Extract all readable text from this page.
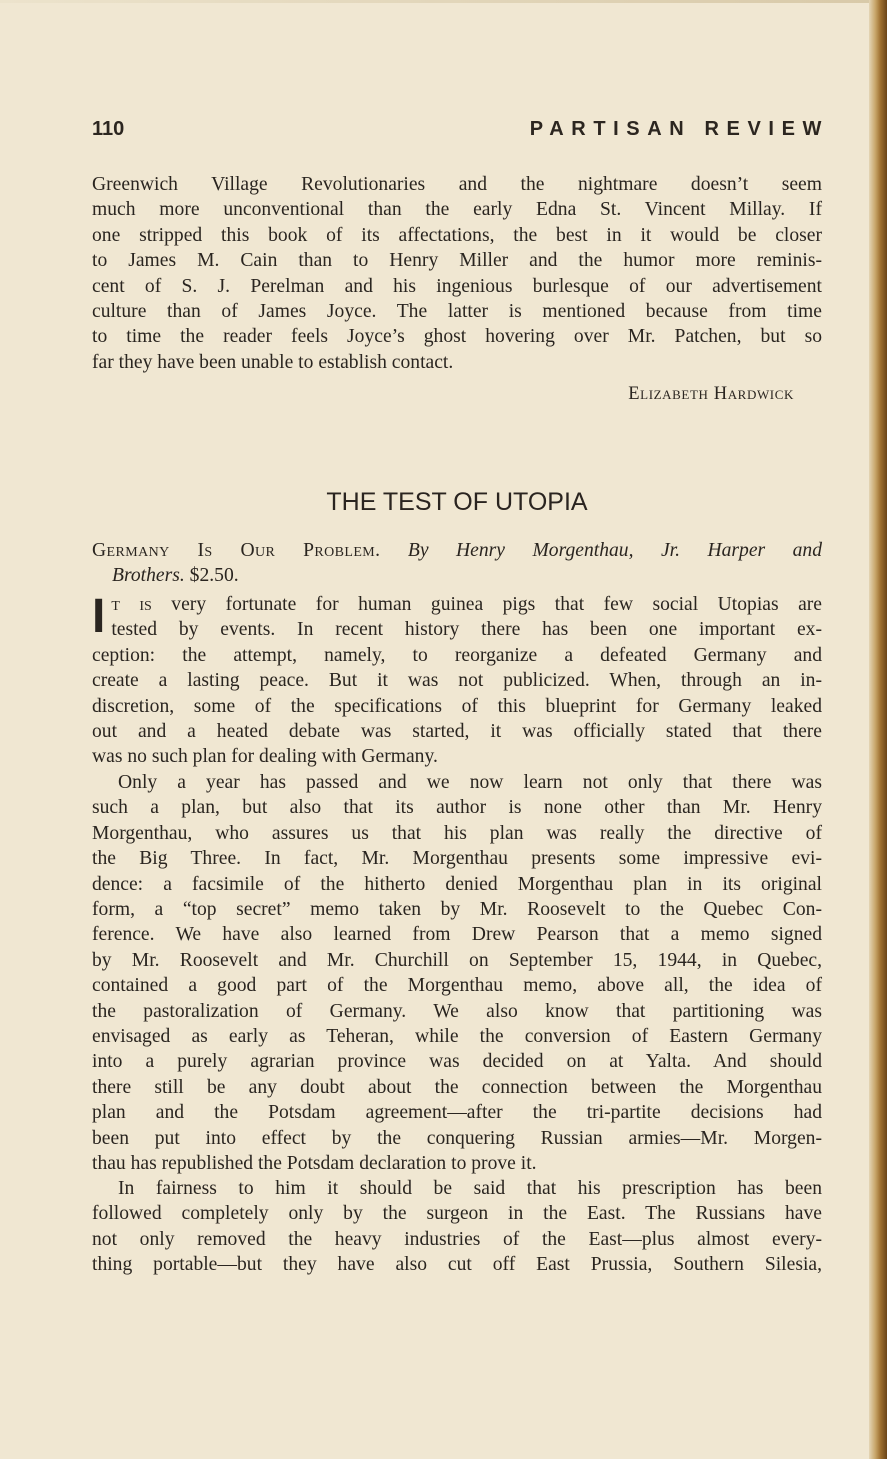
110	PARTISAN REVIEW

Greenwich Village Revolutionaries and the nightmare doesn’t seem

much more unconventional than the early Edna St. Vincent Millay. If

one stripped this book of its affectations, the best in it would be closer

to James M. Cain than to Henry Miller and the humor more reminis-

cent of S. J. Perelman and his ingenious burlesque of our advertisement

culture than of James Joyce. The latter is mentioned because from time

to time the reader feels Joyce’s ghost hovering over Mr. Patchen, but so

far they have been unable to establish contact.

Elizabeth Hardwick
THE TEST OF UTOPIA
Germany Is Our Problem. By Henry Morgenthau, Jr. Harper and
Brothers. $2.50.
I t is very fortunate for human guinea pigs that few social Utopias are

tested by events. In recent history there has been one important ex-

ception: the attempt, namely, to reorganize a defeated Germany and

create a lasting peace. But it was not publicized. When, through an in-

discretion, some of the specifications of this blueprint for Germany leaked

out and a heated debate was started, it was officially stated that there

was no such plan for dealing with Germany.

Only a year has passed and we now learn not only that there was

such a plan, but also that its author is none other than Mr. Henry

Morgenthau, who assures us that his plan was really the directive of

the Big Three. In fact, Mr. Morgenthau presents some impressive evi-

dence: a facsimile of the hitherto denied Morgenthau plan in its original

form, a “top secret” memo taken by Mr. Roosevelt to the Quebec Con-

ference. We have also learned from Drew Pearson that a memo signed

by Mr. Roosevelt and Mr. Churchill on September 15, 1944, in Quebec,

contained a good part of the Morgenthau memo, above all, the idea of

the pastoralization of Germany. We also know that partitioning was

envisaged as early as Teheran, while the conversion of Eastern Germany

into a purely agrarian province was decided on at Yalta. And should

there still be any doubt about the connection between the Morgenthau

plan and the Potsdam agreement—after the tri-partite decisions had

been put into effect by the conquering Russian armies—Mr. Morgen-

thau has republished the Potsdam declaration to prove it.

In fairness to him it should be said that his prescription has been

followed completely only by the surgeon in the East. The Russians have

not only removed the heavy industries of the East—plus almost every-

thing portable—but they have also cut off East Prussia, Southern Silesia,
